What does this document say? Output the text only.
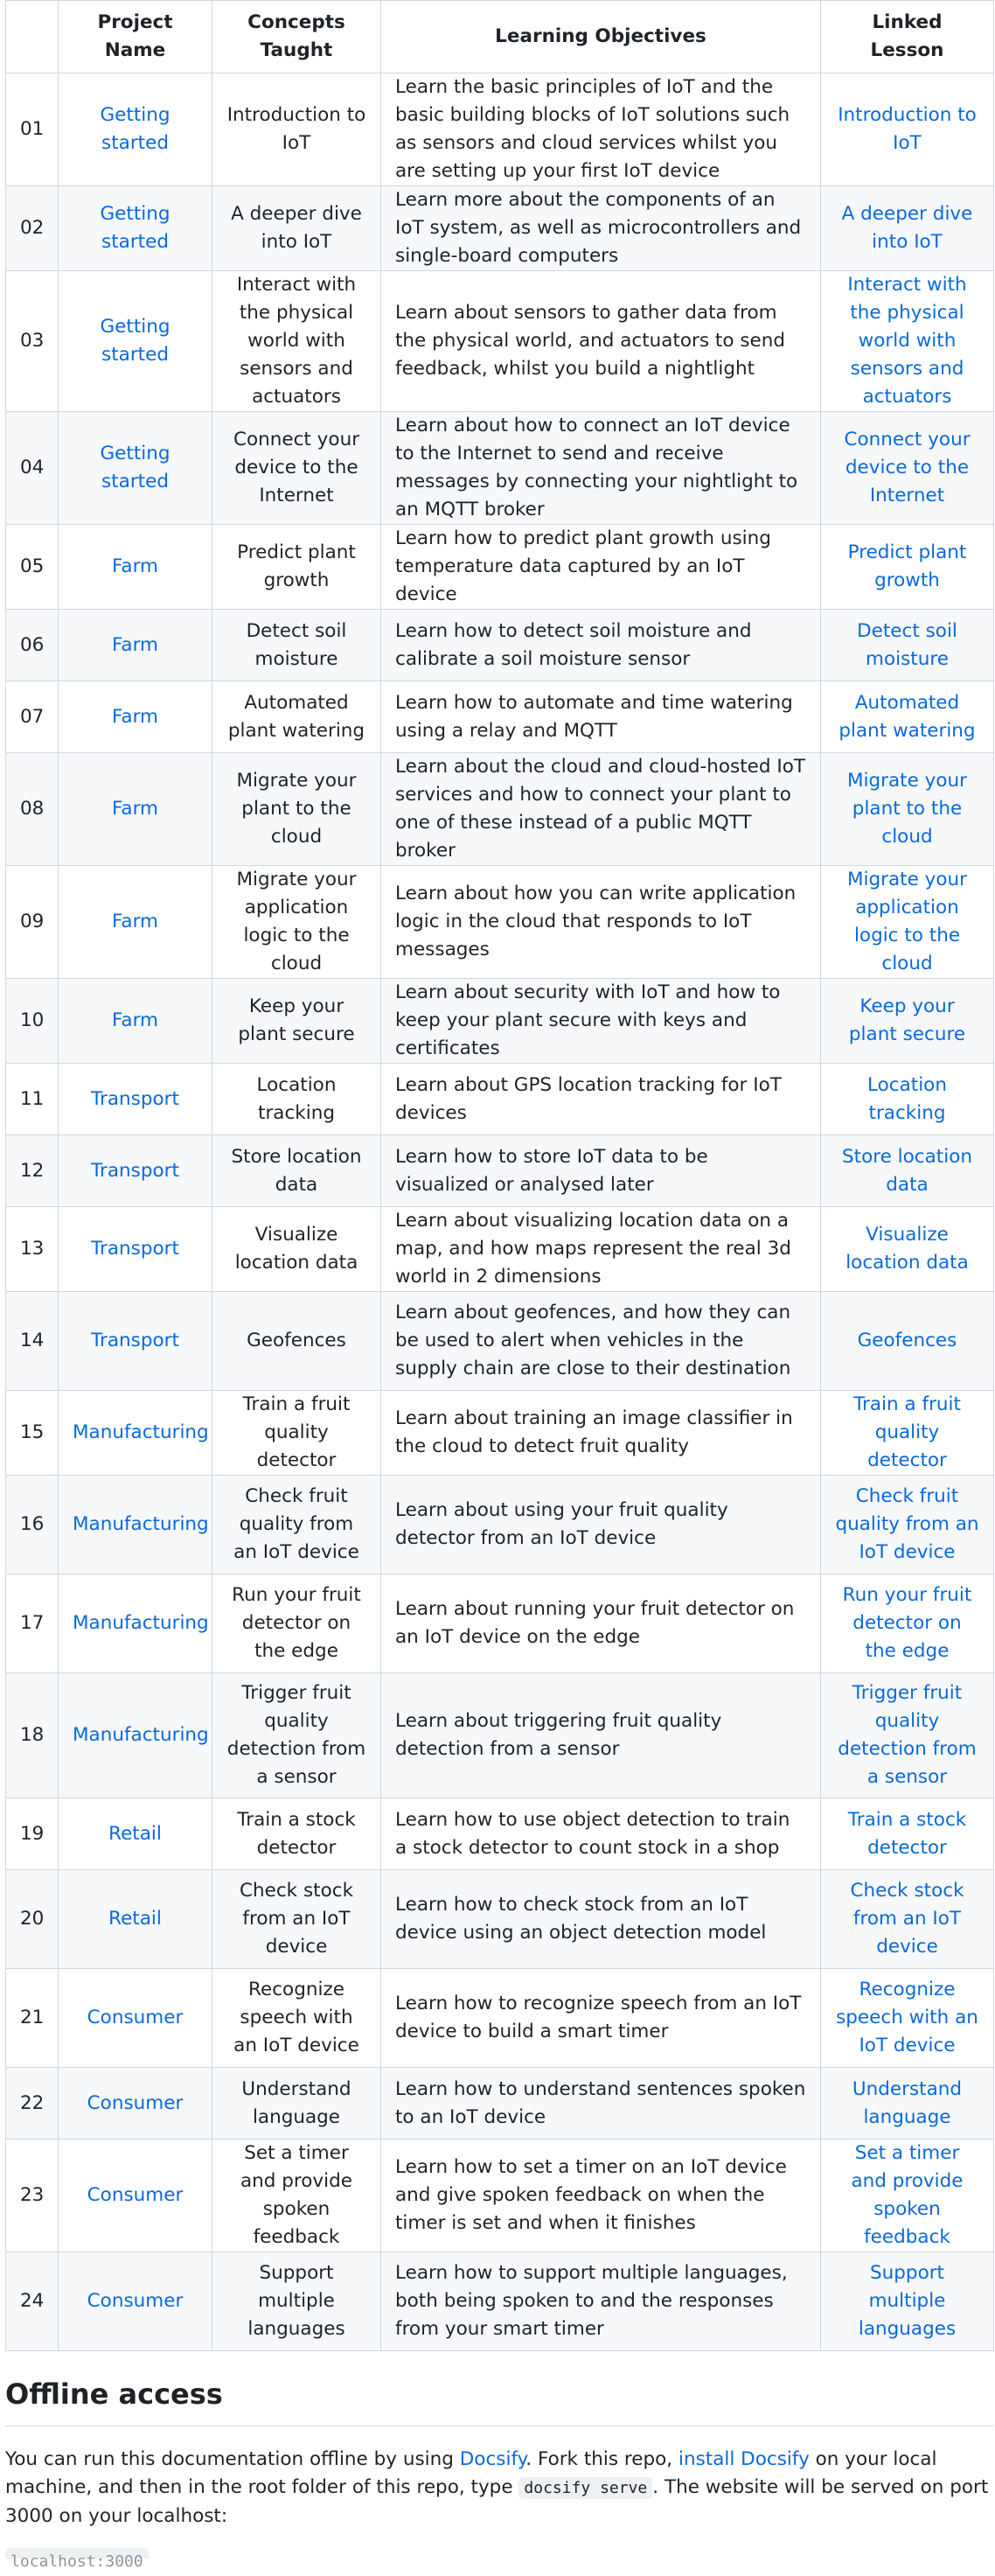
	Project Name	Concepts Taught	Learning Objectives	Linked Lesson
01	Getting started	Introduction to IoT	Learn the basic principles of IoT and the basic building blocks of IoT solutions such as sensors and cloud services whilst you are setting up your first IoT device	Introduction to IoT
02	Getting started	A deeper dive into IoT	Learn more about the components of an IoT system, as well as microcontrollers and single-board computers	A deeper dive into IoT
03	Getting started	Interact with the physical world with sensors and actuators	Learn about sensors to gather data from the physical world, and actuators to send feedback, whilst you build a nightlight	Interact with the physical world with sensors and actuators
04	Getting started	Connect your device to the Internet	Learn about how to connect an IoT device to the Internet to send and receive messages by connecting your nightlight to an MQTT broker	Connect your device to the Internet
05	Farm	Predict plant growth	Learn how to predict plant growth using temperature data captured by an IoT device	Predict plant growth
06	Farm	Detect soil moisture	Learn how to detect soil moisture and calibrate a soil moisture sensor	Detect soil moisture
07	Farm	Automated plant watering	Learn how to automate and time watering using a relay and MQTT	Automated plant watering
08	Farm	Migrate your plant to the cloud	Learn about the cloud and cloud-hosted IoT services and how to connect your plant to one of these instead of a public MQTT broker	Migrate your plant to the cloud
09	Farm	Migrate your application logic to the cloud	Learn about how you can write application logic in the cloud that responds to IoT messages	Migrate your application logic to the cloud
10	Farm	Keep your plant secure	Learn about security with IoT and how to keep your plant secure with keys and certificates	Keep your plant secure
11	Transport	Location tracking	Learn about GPS location tracking for IoT devices	Location tracking
12	Transport	Store location data	Learn how to store IoT data to be visualized or analysed later	Store location data
13	Transport	Visualize location data	Learn about visualizing location data on a map, and how maps represent the real 3d world in 2 dimensions	Visualize location data
14	Transport	Geofences	Learn about geofences, and how they can be used to alert when vehicles in the supply chain are close to their destination	Geofences
15	Manufacturing	Train a fruit quality detector	Learn about training an image classifier in the cloud to detect fruit quality	Train a fruit quality detector
16	Manufacturing	Check fruit quality from an IoT device	Learn about using your fruit quality detector from an IoT device	Check fruit quality from an IoT device
17	Manufacturing	Run your fruit detector on the edge	Learn about running your fruit detector on an IoT device on the edge	Run your fruit detector on the edge
18	Manufacturing	Trigger fruit quality detection from a sensor	Learn about triggering fruit quality detection from a sensor	Trigger fruit quality detection from a sensor
19	Retail	Train a stock detector	Learn how to use object detection to train a stock detector to count stock in a shop	Train a stock detector
20	Retail	Check stock from an IoT device	Learn how to check stock from an IoT device using an object detection model	Check stock from an IoT device
21	Consumer	Recognize speech with an IoT device	Learn how to recognize speech from an IoT device to build a smart timer	Recognize speech with an IoT device
22	Consumer	Understand language	Learn how to understand sentences spoken to an IoT device	Understand language
23	Consumer	Set a timer and provide spoken feedback	Learn how to set a timer on an IoT device and give spoken feedback on when the timer is set and when it finishes	Set a timer and provide spoken feedback
24	Consumer	Support multiple languages	Learn how to support multiple languages, both being spoken to and the responses from your smart timer	Support multiple languages
Offline access

You can run this documentation offline by using Docsify. Fork this repo, install Docsify on your local machine, and then in the root folder of this repo, type docsify serve . The website will be served on port 3000 on your localhost:
localhost:3000
